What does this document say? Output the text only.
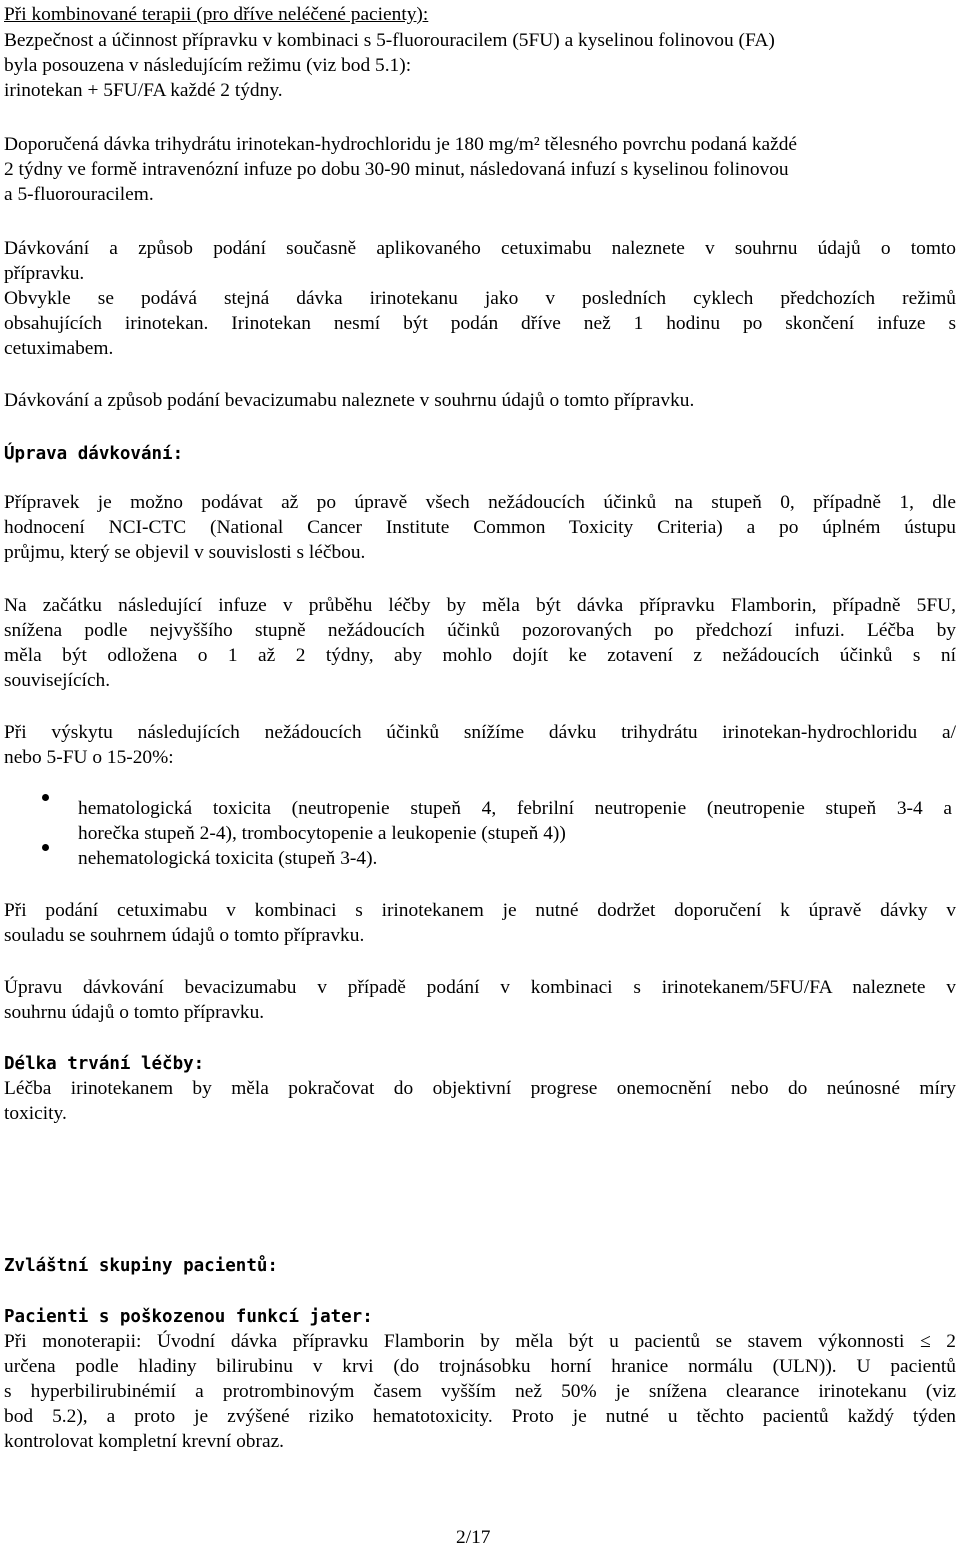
Při kombinované terapii (pro dříve neléčené pacienty):
Bezpečnost a účinnost přípravku v kombinaci s 5-fluorouracilem (5FU) a kyselinou folinovou (FA)
byla posouzena v následujícím režimu (viz bod 5.1):
irinotekan + 5FU/FA každé 2 týdny.
Doporučená dávka trihydrátu irinotekan-hydrochloridu je 180 mg/m² tělesného povrchu podaná každé
2 týdny ve formě intravenózní infuze po dobu 30-90 minut, následovaná infuzí s kyselinou folinovou
a 5-fluorouracilem.
Dávkování a způsob podání současně aplikovaného cetuximabu naleznete v souhrnu údajů o tomto
přípravku.
Obvykle se podává stejná dávka irinotekanu jako v posledních cyklech předchozích režimů
obsahujících irinotekan. Irinotekan nesmí být podán dříve než 1 hodinu po skončení infuze s
cetuximabem.
Dávkování a způsob podání bevacizumabu naleznete v souhrnu údajů o tomto přípravku.
Úprava dávkování:
Přípravek je možno podávat až po úpravě všech nežádoucích účinků na stupeň 0, případně 1, dle
hodnocení NCI-CTC (National Cancer Institute Common Toxicity Criteria) a po úplném ústupu
průjmu, který se objevil v souvislosti s léčbou.
Na začátku následující infuze v průběhu léčby by měla být dávka přípravku Flamborin, případně 5FU,
snížena podle nejvyššího stupně nežádoucích účinků pozorovaných po předchozí infuzi. Léčba by
měla být odložena o 1 až 2 týdny, aby mohlo dojít ke zotavení z nežádoucích účinků s ní
souvisejících.
Při výskytu následujících nežádoucích účinků snížíme dávku trihydrátu irinotekan-hydrochloridu a/
nebo 5-FU o 15-20%:
hematologická toxicita (neutropenie stupeň 4, febrilní neutropenie (neutropenie stupeň 3-4 a
horečka stupeň 2-4), trombocytopenie a leukopenie (stupeň 4))
nehematologická toxicita (stupeň 3-4).
Při podání cetuximabu v kombinaci s irinotekanem je nutné dodržet doporučení k úpravě dávky v
souladu se souhrnem údajů o tomto přípravku.
Úpravu dávkování bevacizumabu v případě podání v kombinaci s irinotekanem/5FU/FA naleznete v
souhrnu údajů o tomto přípravku.
Délka trvání léčby:
Léčba irinotekanem by měla pokračovat do objektivní progrese onemocnění nebo do neúnosné míry
toxicity.
Zvláštní skupiny pacientů:
Pacienti s poškozenou funkcí jater:
Při monoterapii: Úvodní dávka přípravku Flamborin by měla být u pacientů se stavem výkonnosti ≤ 2
určena podle hladiny bilirubinu v krvi (do trojnásobku horní hranice normálu (ULN)). U pacientů
s hyperbilirubinémií a protrombinovým časem vyšším než 50% je snížena clearance irinotekanu (viz
bod 5.2), a proto je zvýšené riziko hematotoxicity. Proto je nutné u těchto pacientů každý týden
kontrolovat kompletní krevní obraz.
2/17
